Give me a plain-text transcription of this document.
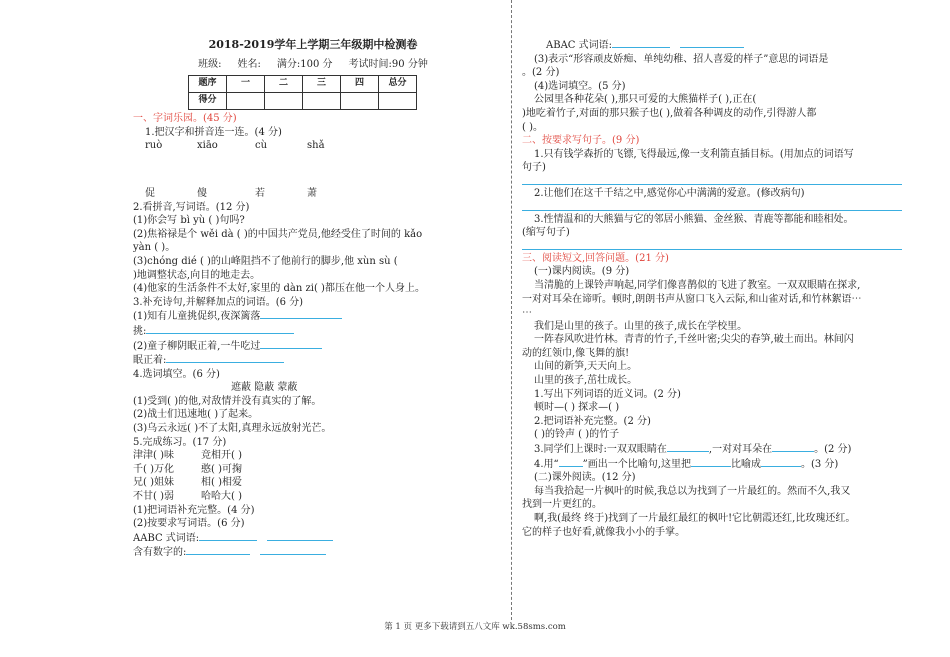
2018-2019学年上学期三年级期中检测卷
班级: 姓名: 满分:100 分 考试时间:90 分钟
题序	一	二	三	四	总分
得分					
一、字词乐园。(45 分)
1.把汉字和拼音连一连。(4 分)
ruò	xiāo	cù	shǎ
促	傻	若	萧
2.看拼音,写词语。(12 分)
(1)你会写 bì yù ( )句吗?
(2)焦裕禄是个 wěi dà ( )的中国共产党员,他经受住了时间的 kǎo
yàn ( )。
(3)chóng dié ( )的山峰阻挡不了他前行的脚步,他 xùn sù (
)地调整状态,向目的地走去。
(4)他家的生活条件不太好,家里的 dàn zi( )都压在他一个人身上。
3.补充诗句,并解释加点的词语。(6 分)
(1)知有儿童挑促织,夜深篱落
挑:
(2)童子柳阴眠正着,一牛吃过
眠正着:
4.选词填空。(6 分)
遮蔽 隐蔽 蒙蔽
(1)受到( )的他,对敌情并没有真实的了解。
(2)战士们迅速地( )了起来。
(3)乌云永远( )不了太阳,真理永远放射光芒。
5.完成练习。(17 分)
津津( )味	竞相开( )
千( )万化	憨( )可掬
兄( )姐妹	相( )相爱
不甘( )弱	哈哈大( )
(1)把词语补充完整。(4 分)
(2)按要求写词语。(6 分)
AABC 式词语:
含有数字的:
ABAC 式词语:
(3)表示“形容顽皮娇痴、单纯幼稚、招人喜爱的样子”意思的词语是
。(2 分)
(4)选词填空。(5 分)
公园里各种花朵( ),那只可爱的大熊猫样子( ),正在(
)地吃着竹子,对面的那只猴子也( ),做着各种调皮的动作,引得游人都
( )。
二、按要求写句子。(9 分)
1.只有钱学森折的飞镖,飞得最远,像一支利箭直插目标。(用加点的词语写
句子)
2.让他们在这千千结之中,感觉你心中满满的爱意。(修改病句)
3.性情温和的大熊猫与它的邻居小熊猫、金丝猴、青鹿等都能和睦相处。
(缩写句子)
三、阅读短文,回答问题。(21 分)
(一)课内阅读。(9 分)
当清脆的上课铃声响起,同学们像喜鹊似的飞进了教室。一双双眼睛在探求,
一对对耳朵在谛听。顿时,朗朗书声从窗口飞入云际,和山雀对话,和竹林絮语⋯
⋯
我们是山里的孩子。山里的孩子,成长在学校里。
一阵春风吹进竹林。青青的竹子,千丝叶密;尖尖的春笋,破土而出。林间闪
动的红领巾,像飞舞的旗!
山间的新笋,天天向上。
山里的孩子,茁壮成长。
1.写出下列词语的近义词。(2 分)
顿时—( ) 探求—( )
2.把词语补充完整。(2 分)
( )的铃声 ( )的竹子
3.同学们上课时:一双双眼睛在	,一对对耳朵在	。(2 分)
4.用“ ”画出一个比喻句,这里把	比喻成	。(3 分)
(二)课外阅读。(12 分)
每当我拾起一片枫叶的时候,我总以为找到了一片最红的。然而不久,我又
找到一片更红的。
啊,我(最终 终于)找到了一片最红最红的枫叶!它比朝霞还红,比玫瑰还红。
它的样子也好看,就像我小小的手掌。
第 1 页 更多下载请到五八文库 wk.58sms.com
